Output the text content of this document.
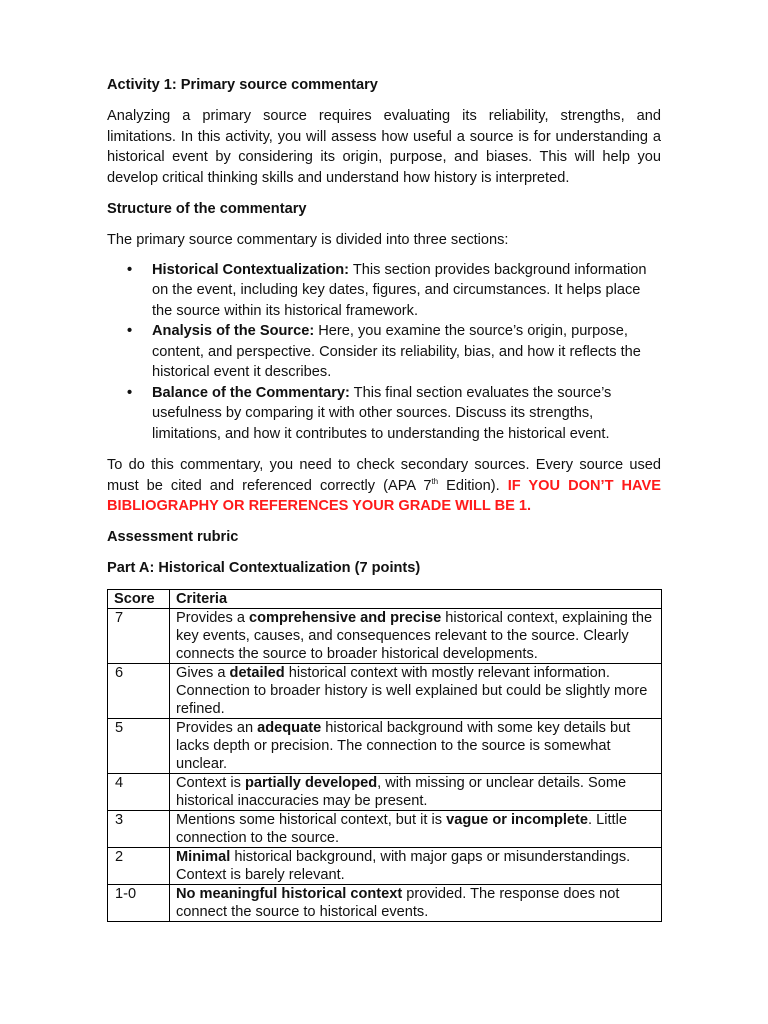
Activity 1: Primary source commentary

Analyzing a primary source requires evaluating its reliability, strengths, and limitations. In this activity, you will assess how useful a source is for understanding a historical event by considering its origin, purpose, and biases. This will help you develop critical thinking skills and understand how history is interpreted.

Structure of the commentary

The primary source commentary is divided into three sections:

• Historical Contextualization: This section provides background information on the event, including key dates, figures, and circumstances. It helps place the source within its historical framework.
• Analysis of the Source: Here, you examine the source’s origin, purpose, content, and perspective. Consider its reliability, bias, and how it reflects the historical event it describes.
• Balance of the Commentary: This final section evaluates the source’s usefulness by comparing it with other sources. Discuss its strengths, limitations, and how it contributes to understanding the historical event.

To do this commentary, you need to check secondary sources. Every source used must be cited and referenced correctly (APA 7th Edition). IF YOU DON’T HAVE BIBLIOGRAPHY OR REFERENCES YOUR GRADE WILL BE 1.

Assessment rubric
Part A: Historical Contextualization (7 points)
Score	Criteria
7	Provides a comprehensive and precise historical context, explaining the key events, causes, and consequences relevant to the source. Clearly connects the source to broader historical developments.
6	Gives a detailed historical context with mostly relevant information. Connection to broader history is well explained but could be slightly more refined.
5	Provides an adequate historical background with some key details but lacks depth or precision. The connection to the source is somewhat unclear.
4	Context is partially developed, with missing or unclear details. Some historical inaccuracies may be present.
3	Mentions some historical context, but it is vague or incomplete. Little connection to the source.
2	Minimal historical background, with major gaps or misunderstandings. Context is barely relevant.
1-0	No meaningful historical context provided. The response does not connect the source to historical events.
